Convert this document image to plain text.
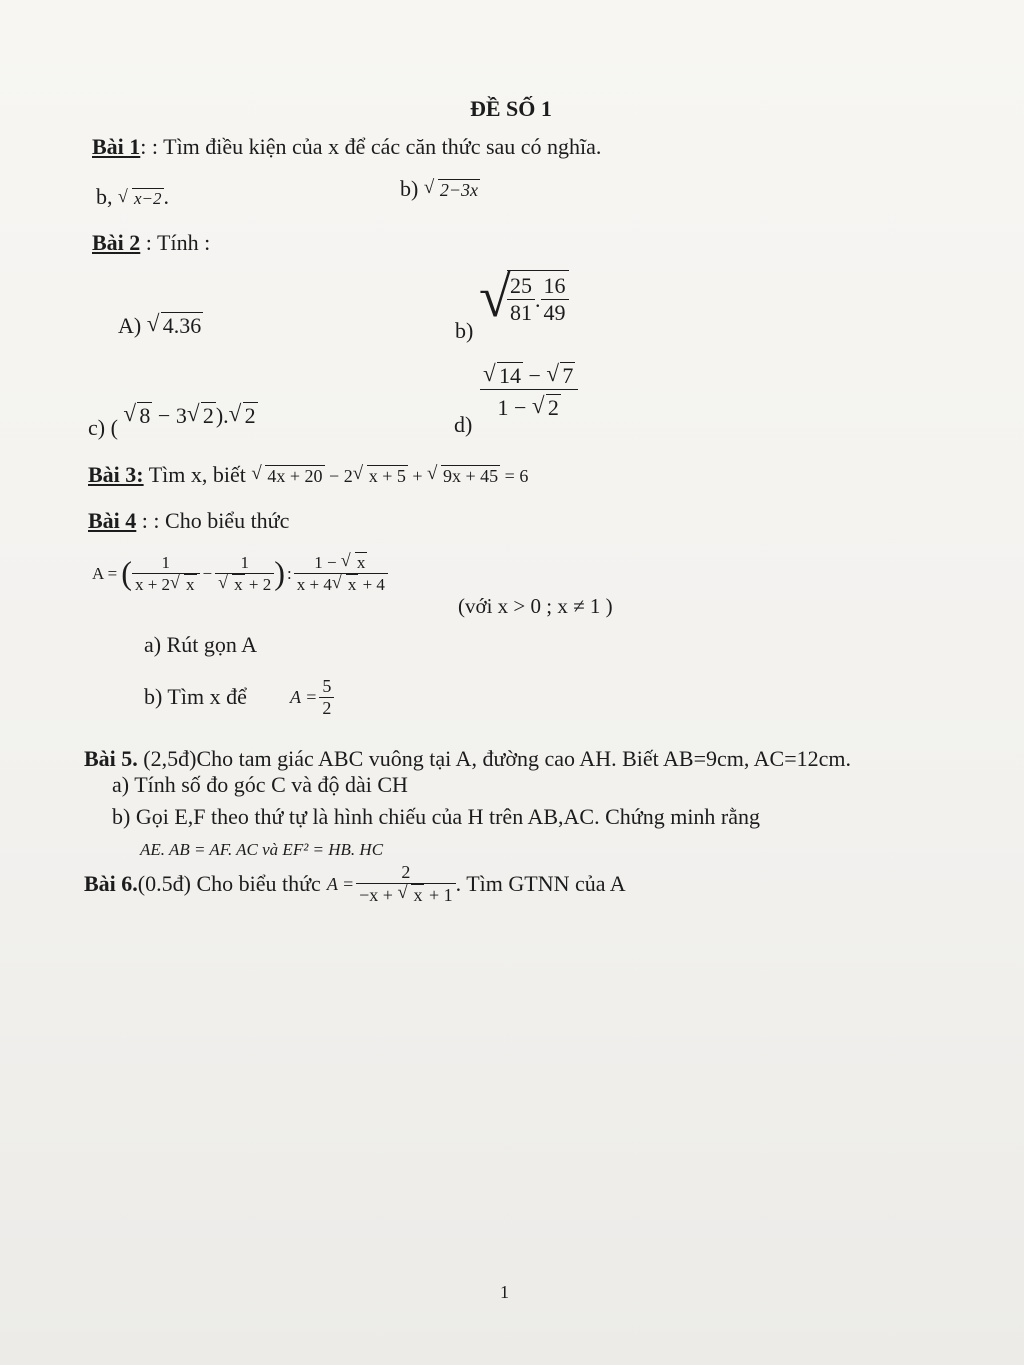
ĐỀ SỐ 1
Bài 1: : Tìm điều kiện của x để các căn thức sau có nghĩa.
b, √ x−2.	b) √ 2−3x
Bài 2 : Tính :
A) √ 4.36	b)
√
$\frac{25}{81}$ . $\frac{16}{49}$
c) (
√ 8 − 3 √ 2). √ 2	d)
$\frac{√ 14 - √ 7}{1 - √ 2}$
Bài 3: Tìm x, biết √ 4x + 20 − 2 √ x + 5 + √ 9x + 45 = 6
Bài 4 : : Cho biểu thức
A = ( $\frac{1}{x + 2 √ x} - \frac{1}{√ x + 2}$ ) : $\frac{1 - √ x}{x + 4 √ x + 4}$
(với x > 0 ; x ≠ 1 )
a) Rút gọn A
b) Tìm x để $A = \frac{5}{2}$
Bài 5. (2,5đ)Cho tam giác ABC vuông tại A, đường cao AH. Biết AB=9cm, AC=12cm.
a) Tính số đo góc C và độ dài CH
b) Gọi E,F theo thứ tự là hình chiếu của H trên AB,AC. Chứng minh rằng
AE. AB = AF. AC và EF² = HB. HC
Bài 6. (0.5đ) Cho biểu thức $A = \frac{2}{-x + √ x + 1}$ . Tìm GTNN của A
1
